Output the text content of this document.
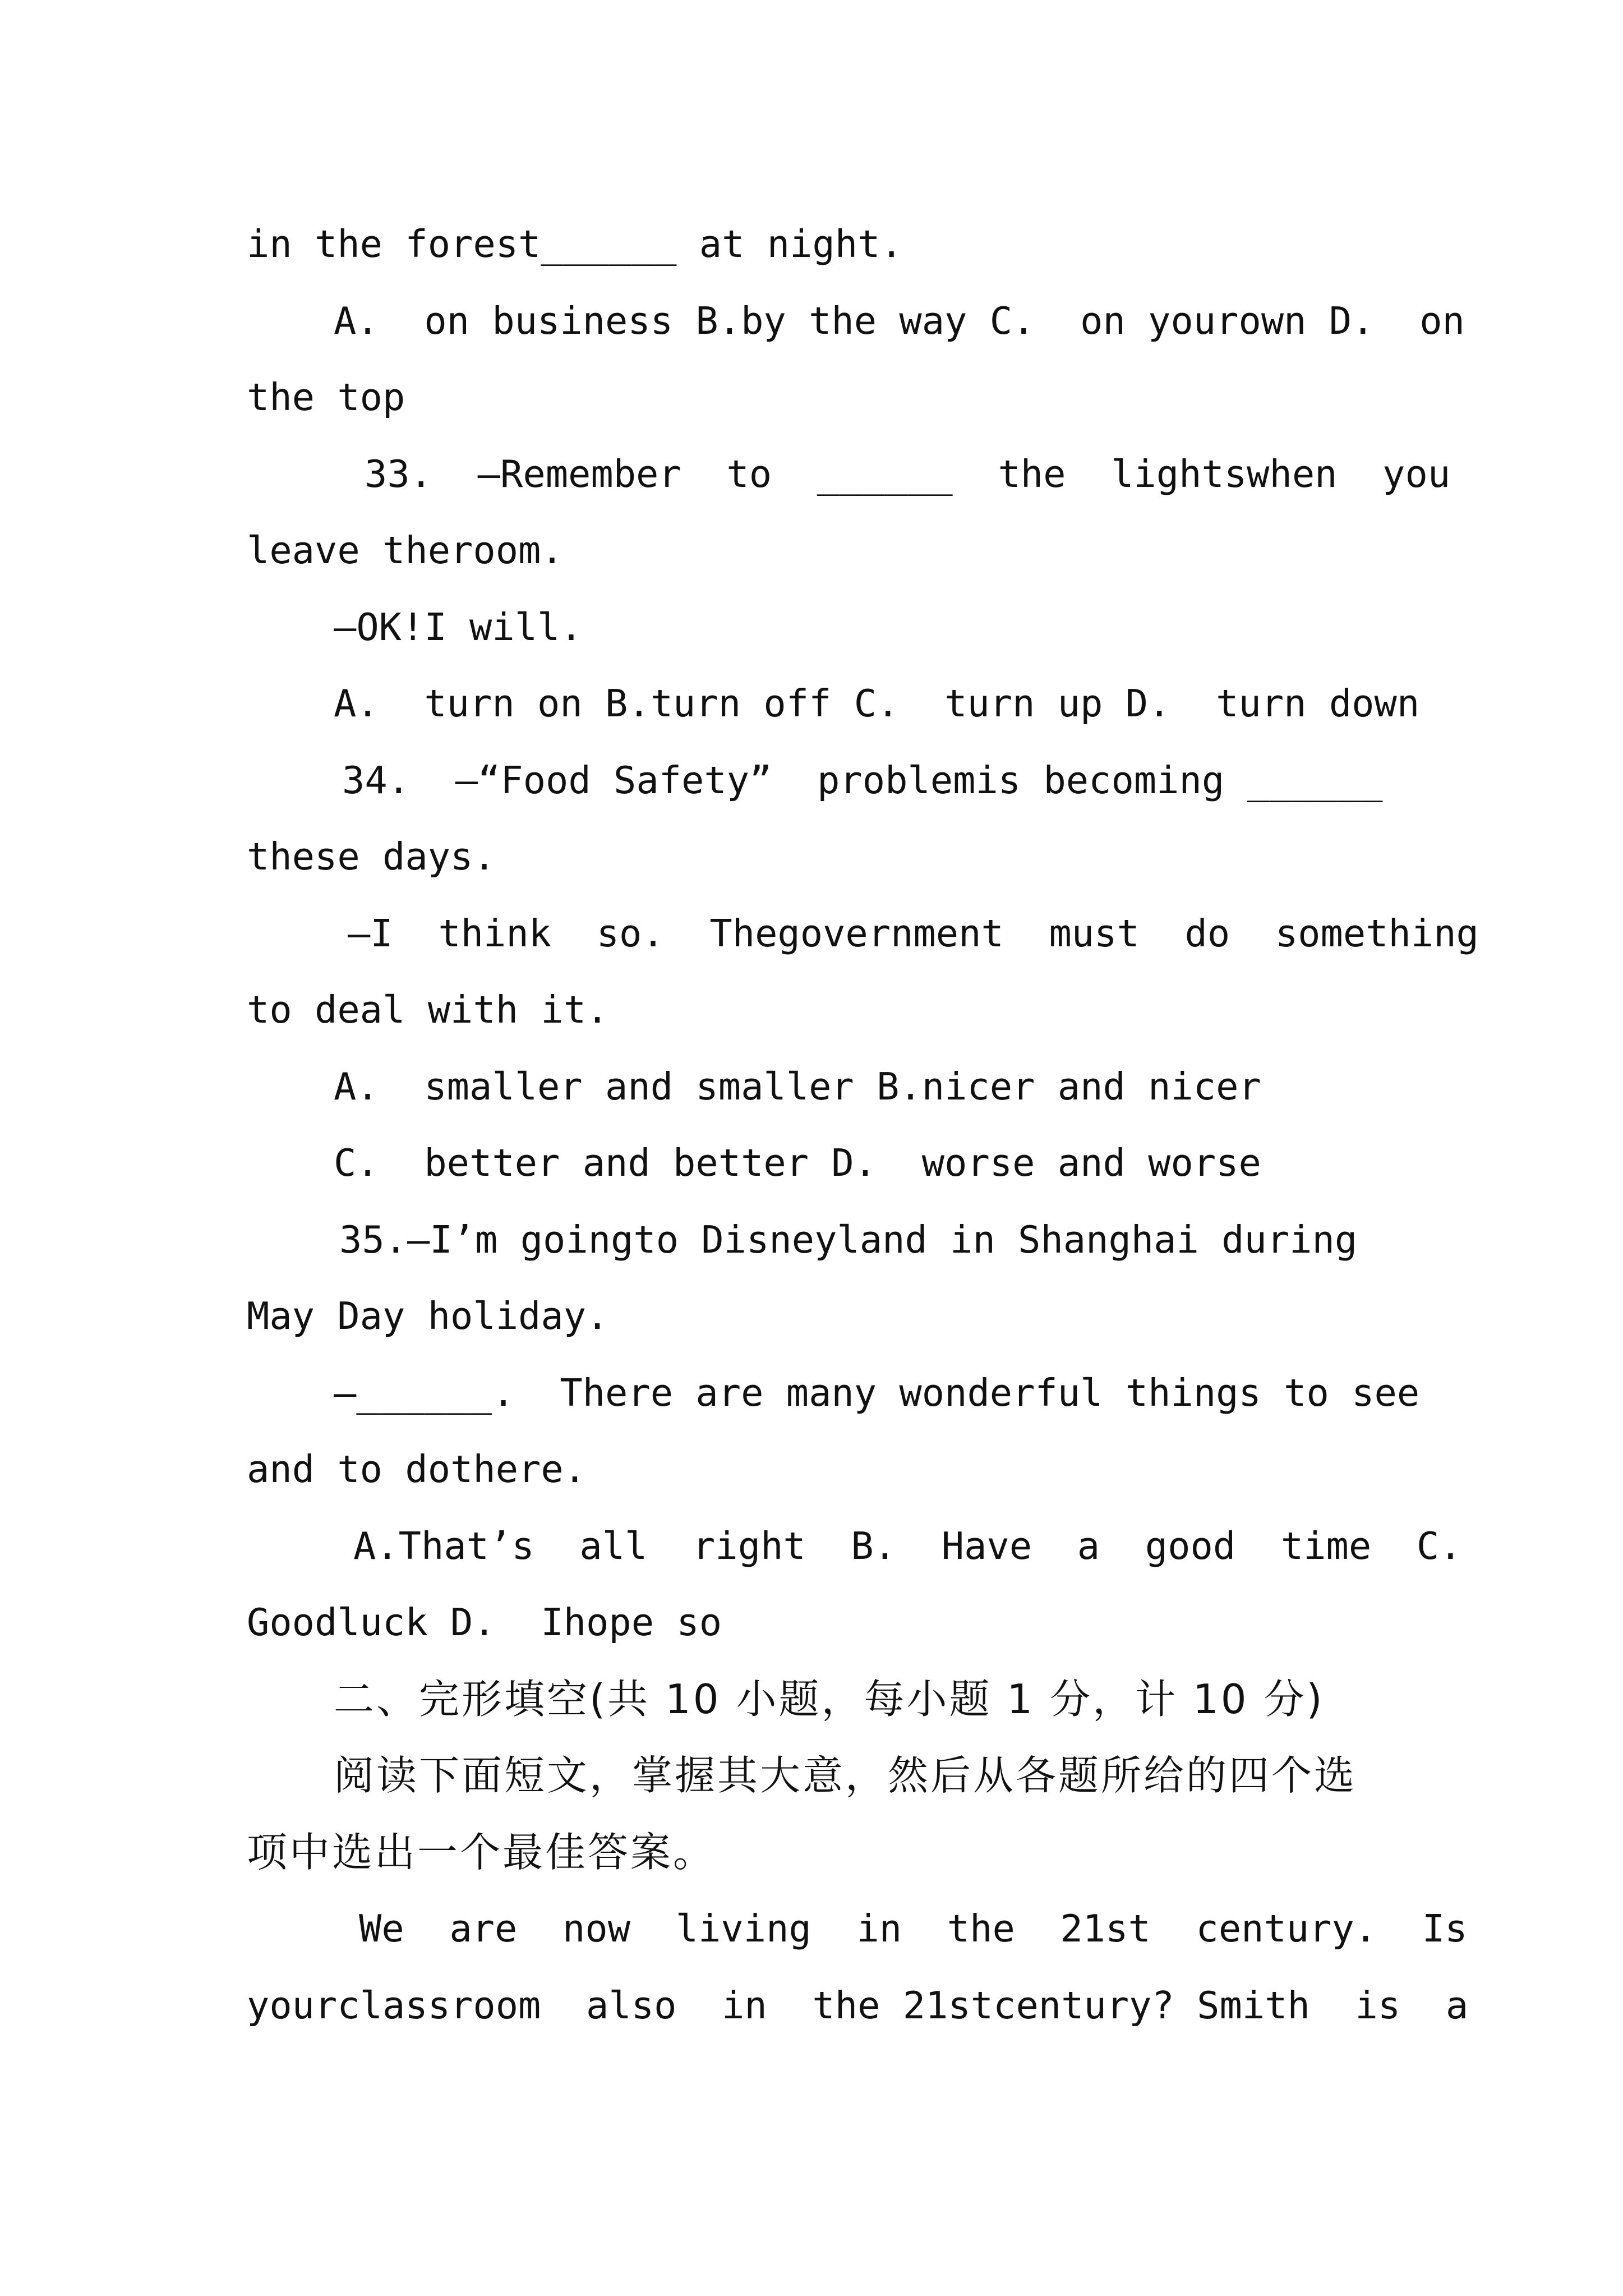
in the forest______ at night.
A.  on business B.by the way C.  on yourown D.  on
the top
33.  —Remember  to  ______  the  lightswhen  you
leave theroom.
—OK!I will.
A.  turn on B.turn off C.  turn up D.  turn down
34.  —“Food Safety”  problemis becoming ______
these days.
—I  think  so.  Thegovernment  must  do  something
to deal with it.
A.  smaller and smaller B.nicer and nicer
C.  better and better D.  worse and worse
35.—I’m goingto Disneyland in Shanghai during
May Day holiday.
—______.  There are many wonderful things to see
and to dothere.
A.That’s  all  right  B.  Have  a  good  time  C.
Goodluck D.  Ihope so
二、完形填空(共 10 小题，每小题 1 分，计 10 分)
阅读下面短文，掌握其大意，然后从各题所给的四个选
项中选出一个最佳答案。
We  are  now  living  in  the  21st  century.  Is
yourclassroom  also  in  the 21stcentury? Smith  is  a
